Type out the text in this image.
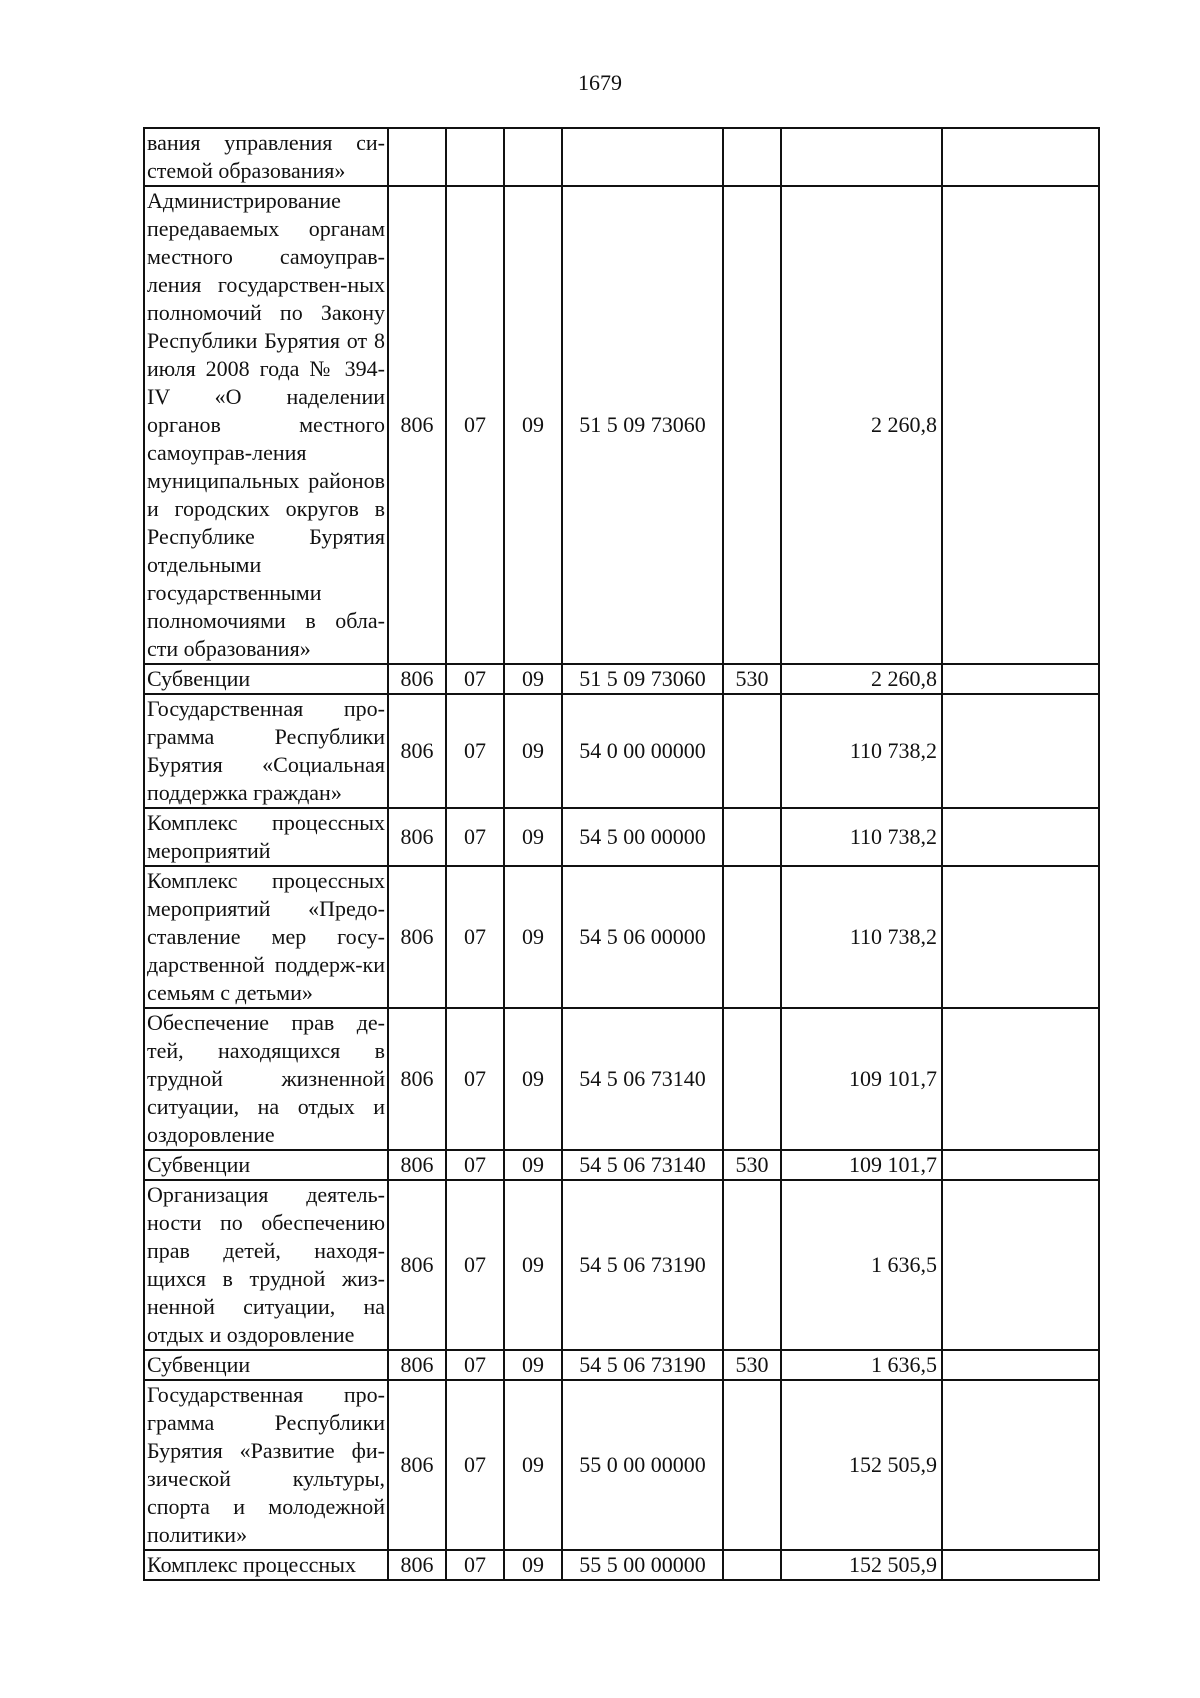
1679
вания управления си-стемой образования»							
Администрирование передаваемых органам местного самоуправ-ления государствен-ных полномочий по Закону Республики Бурятия от 8 июля 2008 года № 394-IV «О наделении органов местного самоуправ-ления муниципальных районов и городских округов в Республике Бурятия отдельными государственными полномочиями в обла-сти образования»	806	07	09	51 5 09 73060		2 260,8	
Субвенции	806	07	09	51 5 09 73060	530	2 260,8	
Государственная про-грамма Республики Бурятия «Социальная поддержка граждан»	806	07	09	54 0 00 00000		110 738,2	
Комплекс процессных мероприятий	806	07	09	54 5 00 00000		110 738,2	
Комплекс процессных мероприятий «Предо-ставление мер госу-дарственной поддерж-ки семьям с детьми»	806	07	09	54 5 06 00000		110 738,2	
Обеспечение прав де-тей, находящихся в трудной жизненной ситуации, на отдых и оздоровление	806	07	09	54 5 06 73140		109 101,7	
Субвенции	806	07	09	54 5 06 73140	530	109 101,7	
Организация деятель-ности по обеспечению прав детей, находя-щихся в трудной жиз-ненной ситуации, на отдых и оздоровление	806	07	09	54 5 06 73190		1 636,5	
Субвенции	806	07	09	54 5 06 73190	530	1 636,5	
Государственная про-грамма Республики Бурятия «Развитие фи-зической культуры, спорта и молодежной политики»	806	07	09	55 0 00 00000		152 505,9	
Комплекс процессных	806	07	09	55 5 00 00000		152 505,9	
